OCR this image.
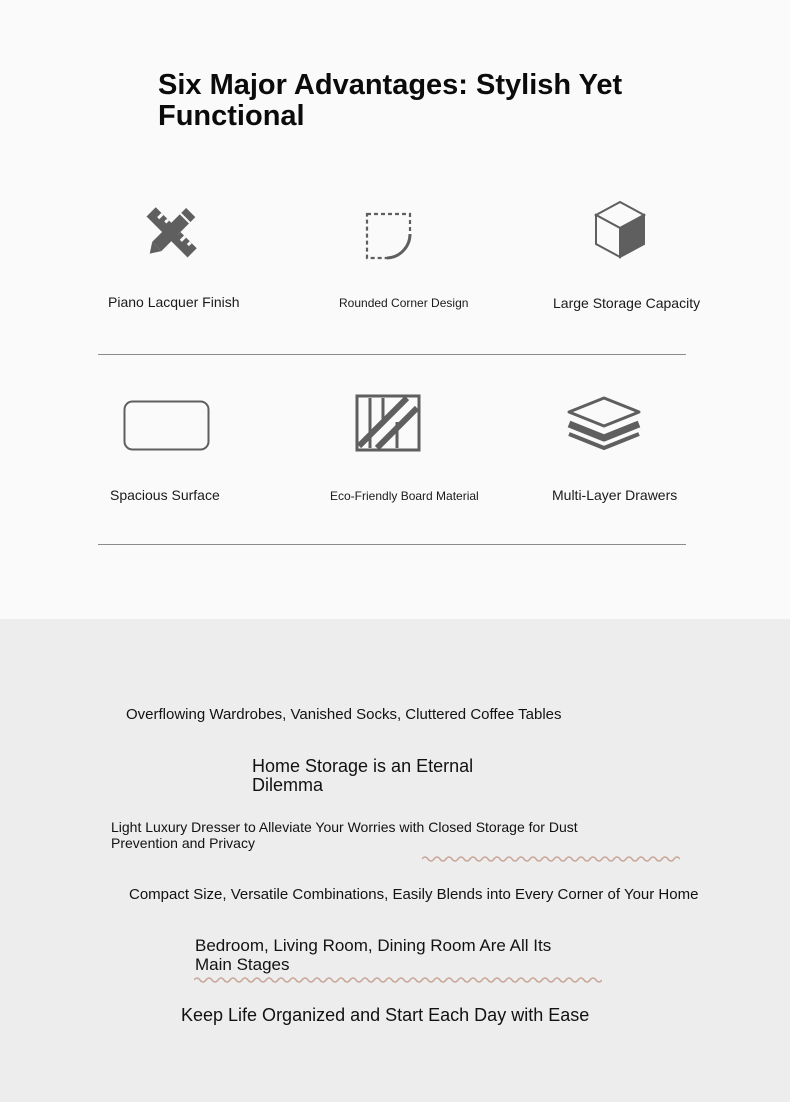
Six Major Advantages: Stylish Yet Functional
Piano Lacquer Finish	Rounded Corner Design	Large Storage Capacity
Spacious Surface	Eco-Friendly Board Material	Multi-Layer Drawers

Overflowing Wardrobes, Vanished Socks, Cluttered Coffee Tables

Home Storage is an Eternal

Dilemma

Light Luxury Dresser to Alleviate Your Worries with Closed Storage for Dust

Prevention and Privacy

Compact Size, Versatile Combinations, Easily Blends into Every Corner of Your Home

Bedroom, Living Room, Dining Room Are All Its

Main Stages

Keep Life Organized and Start Each Day with Ease
